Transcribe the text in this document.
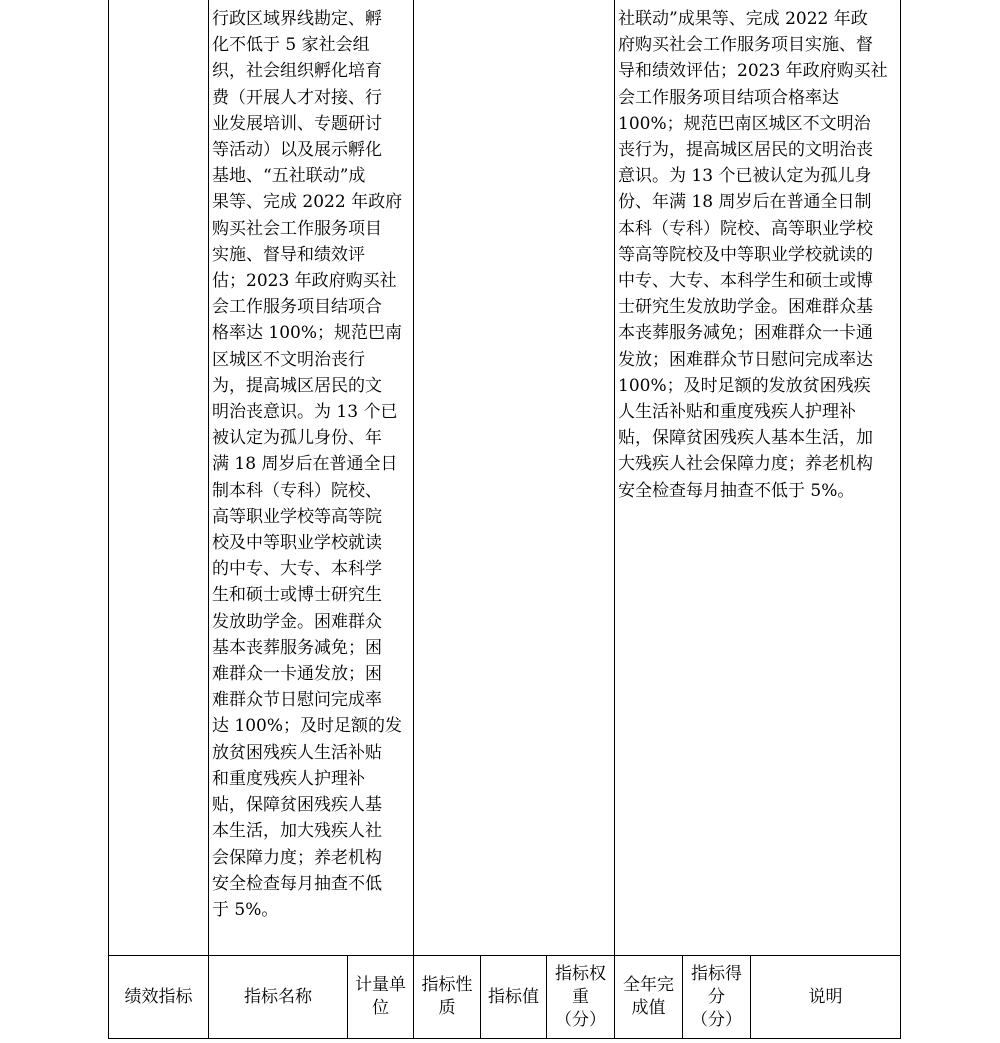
行政区域界线勘定、孵
化不低于 5 家社会组
织，社会组织孵化培育
费（开展人才对接、行
业发展培训、专题研讨
等活动）以及展示孵化
基地、“五社联动”成
果等、完成 2022 年政府
购买社会工作服务项目
实施、督导和绩效评
估；2023 年政府购买社
会工作服务项目结项合
格率达 100%；规范巴南
区城区不文明治丧行
为，提高城区居民的文
明治丧意识。为 13 个已
被认定为孤儿身份、年
满 18 周岁后在普通全日
制本科（专科）院校、
高等职业学校等高等院
校及中等职业学校就读
的中专、大专、本科学
生和硕士或博士研究生
发放助学金。困难群众
基本丧葬服务减免；困
难群众一卡通发放；困
难群众节日慰问完成率
达 100%；及时足额的发
放贫困残疾人生活补贴
和重度残疾人护理补
贴，保障贫困残疾人基
本生活，加大残疾人社
会保障力度；养老机构
安全检查每月抽查不低
于 5%。
社联动”成果等、完成 2022 年政
府购买社会工作服务项目实施、督
导和绩效评估；2023 年政府购买社
会工作服务项目结项合格率达
100%；规范巴南区城区不文明治
丧行为，提高城区居民的文明治丧
意识。为 13 个已被认定为孤儿身
份、年满 18 周岁后在普通全日制
本科（专科）院校、高等职业学校
等高等院校及中等职业学校就读的
中专、大专、本科学生和硕士或博
士研究生发放助学金。困难群众基
本丧葬服务减免；困难群众一卡通
发放；困难群众节日慰问完成率达
100%；及时足额的发放贫困残疾
人生活补贴和重度残疾人护理补
贴，保障贫困残疾人基本生活，加
大残疾人社会保障力度；养老机构
安全检查每月抽查不低于 5%。
绩效指标	指标名称
计量单
位
指标性
质
指标值
指标权
重
（分）
全年完
成值
指标得
分
（分）
说明
